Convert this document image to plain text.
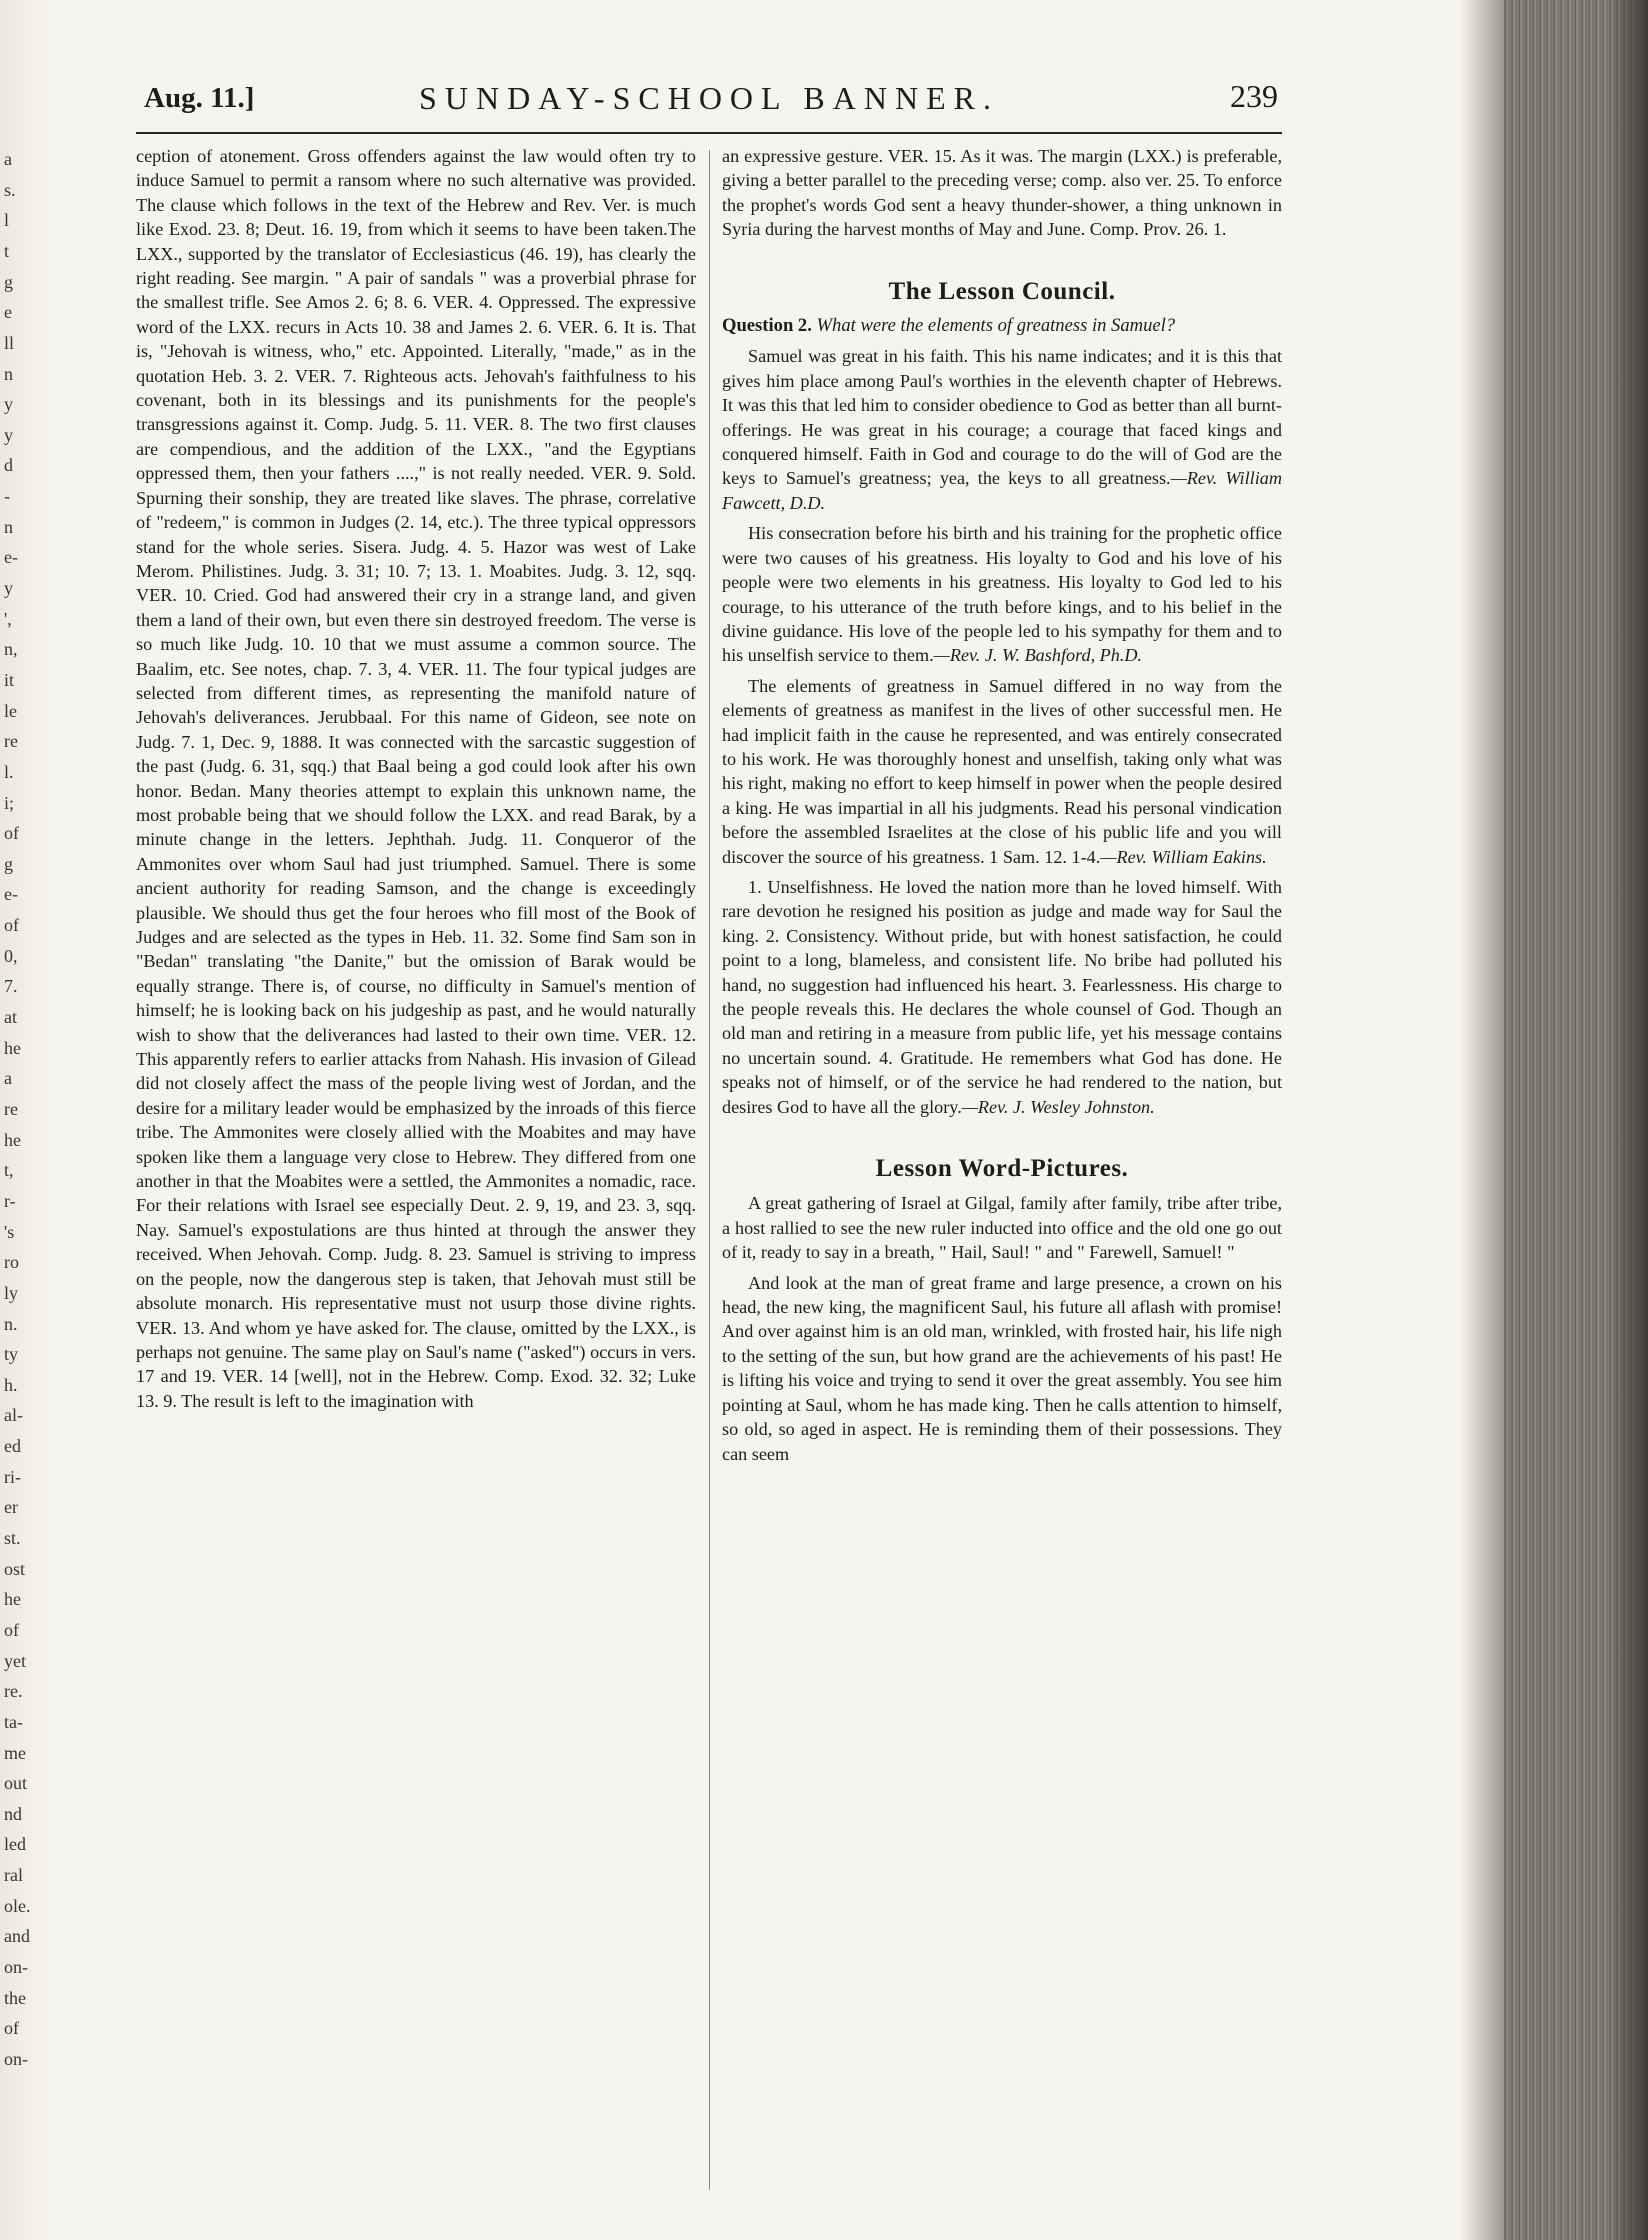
a
s.
l
t
g
e
ll
n
y
y
d
-
n
e-
y
',
n,
it
le
re
l.
i;
of
g
e-
of
0,
7.
at
he
a
re
he
t,
r-
's
ro
ly
n.
ty
h.
al-
ed
ri-
er
st.
ost
he
of
yet
re.
ta-
me
out
nd
led
ral
ole.
and
on-
the
of
on-
Aug. 11.]	SUNDAY-SCHOOL BANNER.	239

ception of atonement. Gross offenders against the law would often try to induce Samuel to permit a ransom where no such alternative was provided. The clause which follows in the text of the Hebrew and Rev. Ver. is much like Exod. 23. 8; Deut. 16. 19, from which it seems to have been taken.The LXX., supported by the translator of Ecclesiasticus (46. 19), has clearly the right reading. See margin. " A pair of sandals " was a proverbial phrase for the smallest trifle. See Amos 2. 6; 8. 6. VER. 4. Oppressed. The expressive word of the LXX. recurs in Acts 10. 38 and James 2. 6. VER. 6. It is. That is, "Jehovah is witness, who," etc. Appointed. Literally, "made," as in the quotation Heb. 3. 2. VER. 7. Righteous acts. Jehovah's faithfulness to his covenant, both in its blessings and its punishments for the people's transgressions against it. Comp. Judg. 5. 11. VER. 8. The two first clauses are compendious, and the addition of the LXX., "and the Egyptians oppressed them, then your fathers ....," is not really needed. VER. 9. Sold. Spurning their sonship, they are treated like slaves. The phrase, correlative of "redeem," is common in Judges (2. 14, etc.). The three typical oppressors stand for the whole series. Sisera. Judg. 4. 5. Hazor was west of Lake Merom. Philistines. Judg. 3. 31; 10. 7; 13. 1. Moabites. Judg. 3. 12, sqq. VER. 10. Cried. God had answered their cry in a strange land, and given them a land of their own, but even there sin destroyed freedom. The verse is so much like Judg. 10. 10 that we must assume a common source. The Baalim, etc. See notes, chap. 7. 3, 4. VER. 11. The four typical judges are selected from different times, as representing the manifold nature of Jehovah's deliverances. Jerubbaal. For this name of Gideon, see note on Judg. 7. 1, Dec. 9, 1888. It was connected with the sarcastic suggestion of the past (Judg. 6. 31, sqq.) that Baal being a god could look after his own honor. Bedan. Many theories attempt to explain this unknown name, the most probable being that we should follow the LXX. and read Barak, by a minute change in the letters. Jephthah. Judg. 11. Conqueror of the Ammonites over whom Saul had just triumphed. Samuel. There is some ancient authority for reading Samson, and the change is exceedingly plausible. We should thus get the four heroes who fill most of the Book of Judges and are selected as the types in Heb. 11. 32. Some find Sam son in "Bedan" translating "the Danite," but the omission of Barak would be equally strange. There is, of course, no difficulty in Samuel's mention of himself; he is looking back on his judgeship as past, and he would naturally wish to show that the deliverances had lasted to their own time. VER. 12. This apparently refers to earlier attacks from Nahash. His invasion of Gilead did not closely affect the mass of the people living west of Jordan, and the desire for a military leader would be emphasized by the inroads of this fierce tribe. The Ammonites were closely allied with the Moabites and may have spoken like them a language very close to Hebrew. They differed from one another in that the Moabites were a settled, the Ammonites a nomadic, race. For their relations with Israel see especially Deut. 2. 9, 19, and 23. 3, sqq. Nay. Samuel's expostulations are thus hinted at through the answer they received. When Jehovah. Comp. Judg. 8. 23. Samuel is striving to impress on the people, now the dangerous step is taken, that Jehovah must still be absolute monarch. His representative must not usurp those divine rights. VER. 13. And whom ye have asked for. The clause, omitted by the LXX., is perhaps not genuine. The same play on Saul's name ("asked") occurs in vers. 17 and 19. VER. 14 [well], not in the Hebrew. Comp. Exod. 32. 32; Luke 13. 9. The result is left to the imagination with

an expressive gesture. VER. 15. As it was. The margin (LXX.) is preferable, giving a better parallel to the preceding verse; comp. also ver. 25. To enforce the prophet's words God sent a heavy thunder-shower, a thing unknown in Syria during the harvest months of May and June. Comp. Prov. 26. 1.

The Lesson Council.

Question 2. What were the elements of greatness in Samuel?

Samuel was great in his faith. This his name indicates; and it is this that gives him place among Paul's worthies in the eleventh chapter of Hebrews. It was this that led him to consider obedience to God as better than all burnt-offerings. He was great in his courage; a courage that faced kings and conquered himself. Faith in God and courage to do the will of God are the keys to Samuel's greatness; yea, the keys to all greatness.—Rev. William Fawcett, D.D.

His consecration before his birth and his training for the prophetic office were two causes of his greatness. His loyalty to God and his love of his people were two elements in his greatness. His loyalty to God led to his courage, to his utterance of the truth before kings, and to his belief in the divine guidance. His love of the people led to his sympathy for them and to his unselfish service to them.—Rev. J. W. Bashford, Ph.D.

The elements of greatness in Samuel differed in no way from the elements of greatness as manifest in the lives of other successful men. He had implicit faith in the cause he represented, and was entirely consecrated to his work. He was thoroughly honest and unselfish, taking only what was his right, making no effort to keep himself in power when the people desired a king. He was impartial in all his judgments. Read his personal vindication before the assembled Israelites at the close of his public life and you will discover the source of his greatness. 1 Sam. 12. 1-4.—Rev. William Eakins.

1. Unselfishness. He loved the nation more than he loved himself. With rare devotion he resigned his position as judge and made way for Saul the king. 2. Consistency. Without pride, but with honest satisfaction, he could point to a long, blameless, and consistent life. No bribe had polluted his hand, no suggestion had influenced his heart. 3. Fearlessness. His charge to the people reveals this. He declares the whole counsel of God. Though an old man and retiring in a measure from public life, yet his message contains no uncertain sound. 4. Gratitude. He remembers what God has done. He speaks not of himself, or of the service he had rendered to the nation, but desires God to have all the glory.—Rev. J. Wesley Johnston.

Lesson Word-Pictures.

A great gathering of Israel at Gilgal, family after family, tribe after tribe, a host rallied to see the new ruler inducted into office and the old one go out of it, ready to say in a breath, " Hail, Saul! " and " Farewell, Samuel! "

And look at the man of great frame and large presence, a crown on his head, the new king, the magnificent Saul, his future all aflash with promise! And over against him is an old man, wrinkled, with frosted hair, his life nigh to the setting of the sun, but how grand are the achievements of his past! He is lifting his voice and trying to send it over the great assembly. You see him pointing at Saul, whom he has made king. Then he calls attention to himself, so old, so aged in aspect. He is reminding them of their possessions. They can seem
